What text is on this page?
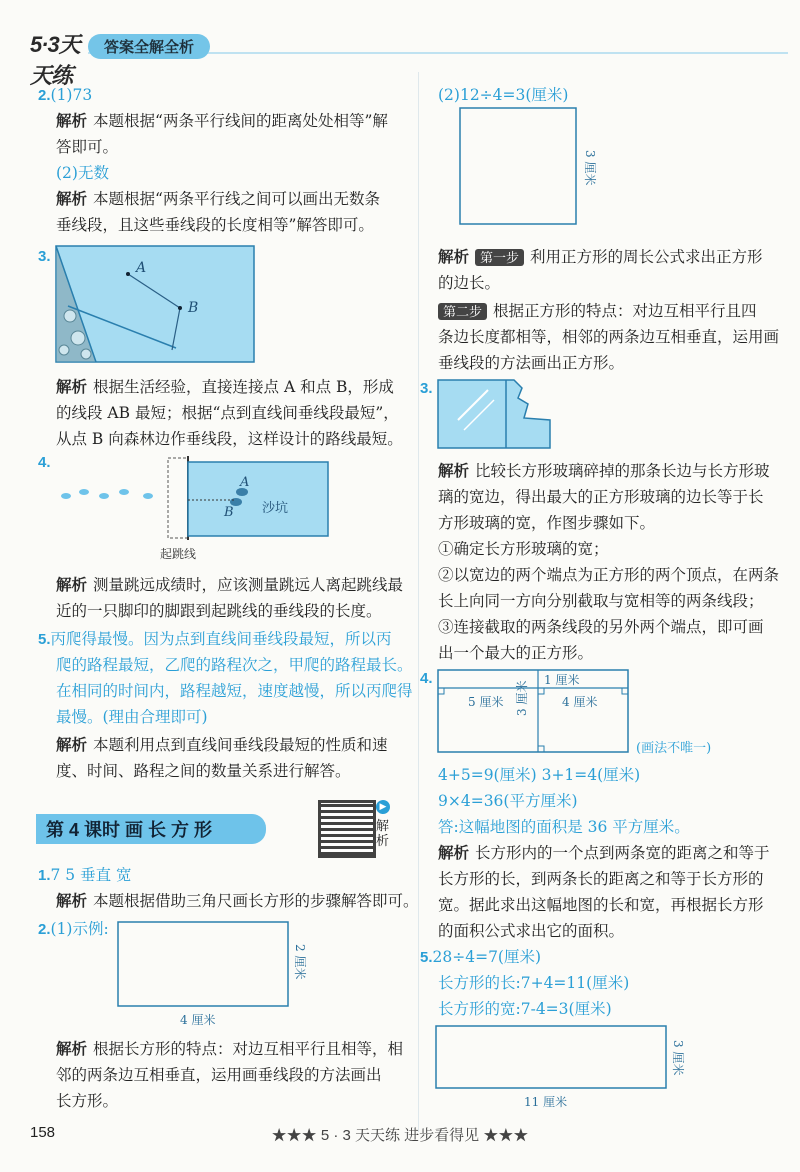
5·3天天练
答案全解全析
2.(1)73
解析 本题根据“两条平行线间的距离处处相等”解
答即可。
(2)无数
解析 本题根据“两条平行线之间可以画出无数条
垂线段，且这些垂线段的长度相等”解答即可。
3.
A
B
解析 根据生活经验，直接连接点 A 和点 B，形成
的线段 AB 最短；根据“点到直线间垂线段最短”，
从点 B 向森林边作垂线段，这样设计的路线最短。
4.
A
B 沙坑
起跳线
解析 测量跳远成绩时，应该测量跳远人离起跳线最
近的一只脚印的脚跟到起跳线的垂线段的长度。
5.丙爬得最慢。因为点到直线间垂线段最短，所以丙
爬的路程最短，乙爬的路程次之，甲爬的路程最长。
在相同的时间内，路程越短，速度越慢，所以丙爬得
最慢。(理由合理即可)
解析 本题利用点到直线间垂线段最短的性质和速
度、时间、路程之间的数量关系进行解答。
第 4 课时 画 长 方 形
▶
解析
1.7 5 垂直 宽
解析 本题根据借助三角尺画长方形的步骤解答即可。
2.(1)示例:
4 厘米
2 厘米
解析 根据长方形的特点：对边互相平行且相等，相
邻的两条边互相垂直，运用画垂线段的方法画出
长方形。
(2)12÷4=3(厘米)
3 厘米
解析 第一步 利用正方形的周长公式求出正方形
的边长。
第二步 根据正方形的特点：对边互相平行且四
条边长度都相等，相邻的两条边互相垂直，运用画
垂线段的方法画出正方形。
3.
解析 比较长方形玻璃碎掉的那条长边与长方形玻
璃的宽边，得出最大的正方形玻璃的边长等于长
方形玻璃的宽，作图步骤如下。
①确定长方形玻璃的宽；
②以宽边的两个端点为正方形的两个顶点，在两条
长上向同一方向分别截取与宽相等的两条线段；
③连接截取的两条线段的另外两个端点，即可画
出一个最大的正方形。
4.	1 厘米
5 厘米	4 厘米
3 厘米
(画法不唯一)
4+5=9(厘米) 3+1=4(厘米)
9×4=36(平方厘米)
答:这幅地图的面积是 36 平方厘米。
解析 长方形内的一个点到两条宽的距离之和等于
长方形的长，到两条长的距离之和等于长方形的
宽。据此求出这幅地图的长和宽，再根据长方形
的面积公式求出它的面积。
5.28÷4=7(厘米)
长方形的长:7+4=11(厘米)
长方形的宽:7-4=3(厘米)
11 厘米
3 厘米
158	★★★ 5 · 3 天天练 进步看得见 ★★★
